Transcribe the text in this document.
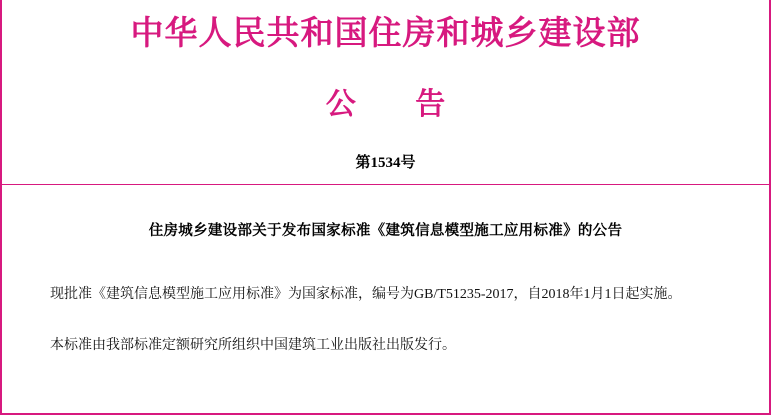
中华人民共和国住房和城乡建设部
公 告
第1534号
住房城乡建设部关于发布国家标准《建筑信息模型施工应用标准》的公告
现批准《建筑信息模型施工应用标准》为国家标准，编号为GB/T51235-2017，自2018年1月1日起实施。
本标准由我部标准定额研究所组织中国建筑工业出版社出版发行。
